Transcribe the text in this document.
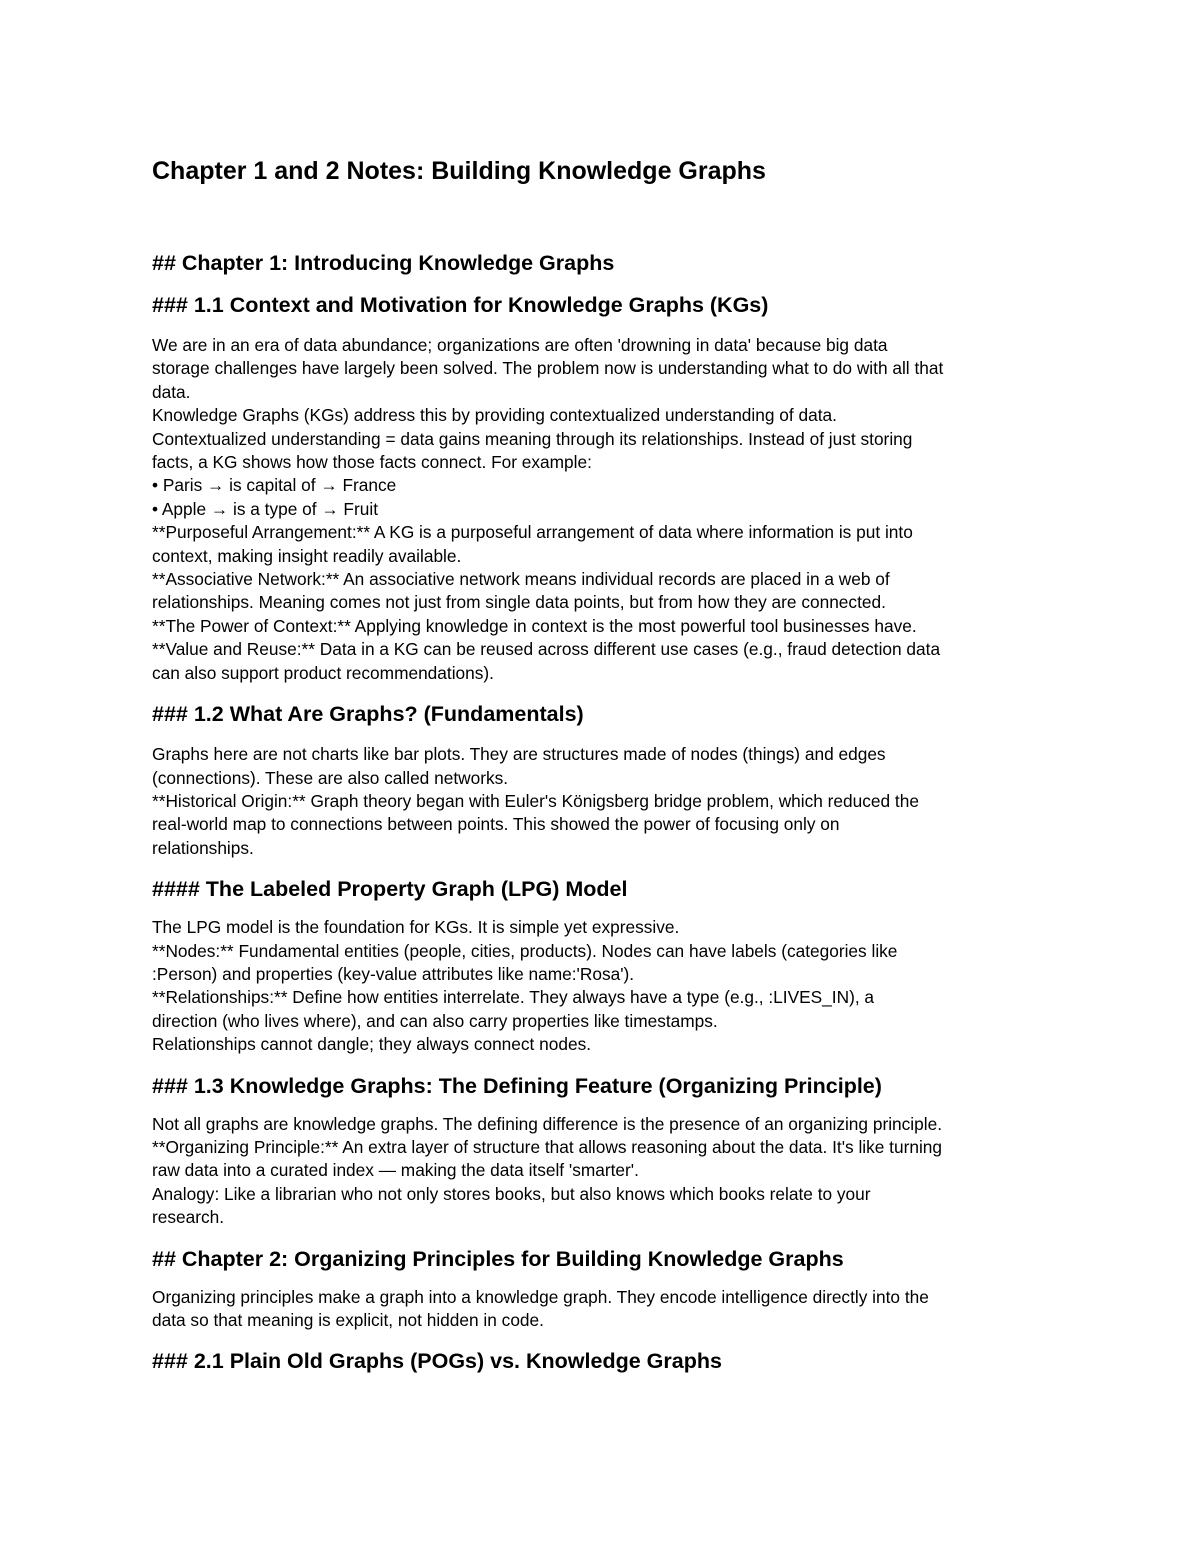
Chapter 1 and 2 Notes: Building Knowledge Graphs
## Chapter 1: Introducing Knowledge Graphs
### 1.1 Context and Motivation for Knowledge Graphs (KGs)
We are in an era of data abundance; organizations are often 'drowning in data' because big data
storage challenges have largely been solved. The problem now is understanding what to do with all that
data.
Knowledge Graphs (KGs) address this by providing contextualized understanding of data.
Contextualized understanding = data gains meaning through its relationships. Instead of just storing
facts, a KG shows how those facts connect. For example:
• Paris → is capital of → France
• Apple → is a type of → Fruit
**Purposeful Arrangement:** A KG is a purposeful arrangement of data where information is put into
context, making insight readily available.
**Associative Network:** An associative network means individual records are placed in a web of
relationships. Meaning comes not just from single data points, but from how they are connected.
**The Power of Context:** Applying knowledge in context is the most powerful tool businesses have.
**Value and Reuse:** Data in a KG can be reused across different use cases (e.g., fraud detection data
can also support product recommendations).
### 1.2 What Are Graphs? (Fundamentals)
Graphs here are not charts like bar plots. They are structures made of nodes (things) and edges
(connections). These are also called networks.
**Historical Origin:** Graph theory began with Euler's Königsberg bridge problem, which reduced the
real-world map to connections between points. This showed the power of focusing only on
relationships.
#### The Labeled Property Graph (LPG) Model
The LPG model is the foundation for KGs. It is simple yet expressive.
**Nodes:** Fundamental entities (people, cities, products). Nodes can have labels (categories like
:Person) and properties (key-value attributes like name:'Rosa').
**Relationships:** Define how entities interrelate. They always have a type (e.g., :LIVES_IN), a
direction (who lives where), and can also carry properties like timestamps.
Relationships cannot dangle; they always connect nodes.
### 1.3 Knowledge Graphs: The Defining Feature (Organizing Principle)
Not all graphs are knowledge graphs. The defining difference is the presence of an organizing principle.
**Organizing Principle:** An extra layer of structure that allows reasoning about the data. It's like turning
raw data into a curated index — making the data itself 'smarter'.
Analogy: Like a librarian who not only stores books, but also knows which books relate to your
research.
## Chapter 2: Organizing Principles for Building Knowledge Graphs
Organizing principles make a graph into a knowledge graph. They encode intelligence directly into the
data so that meaning is explicit, not hidden in code.
### 2.1 Plain Old Graphs (POGs) vs. Knowledge Graphs
